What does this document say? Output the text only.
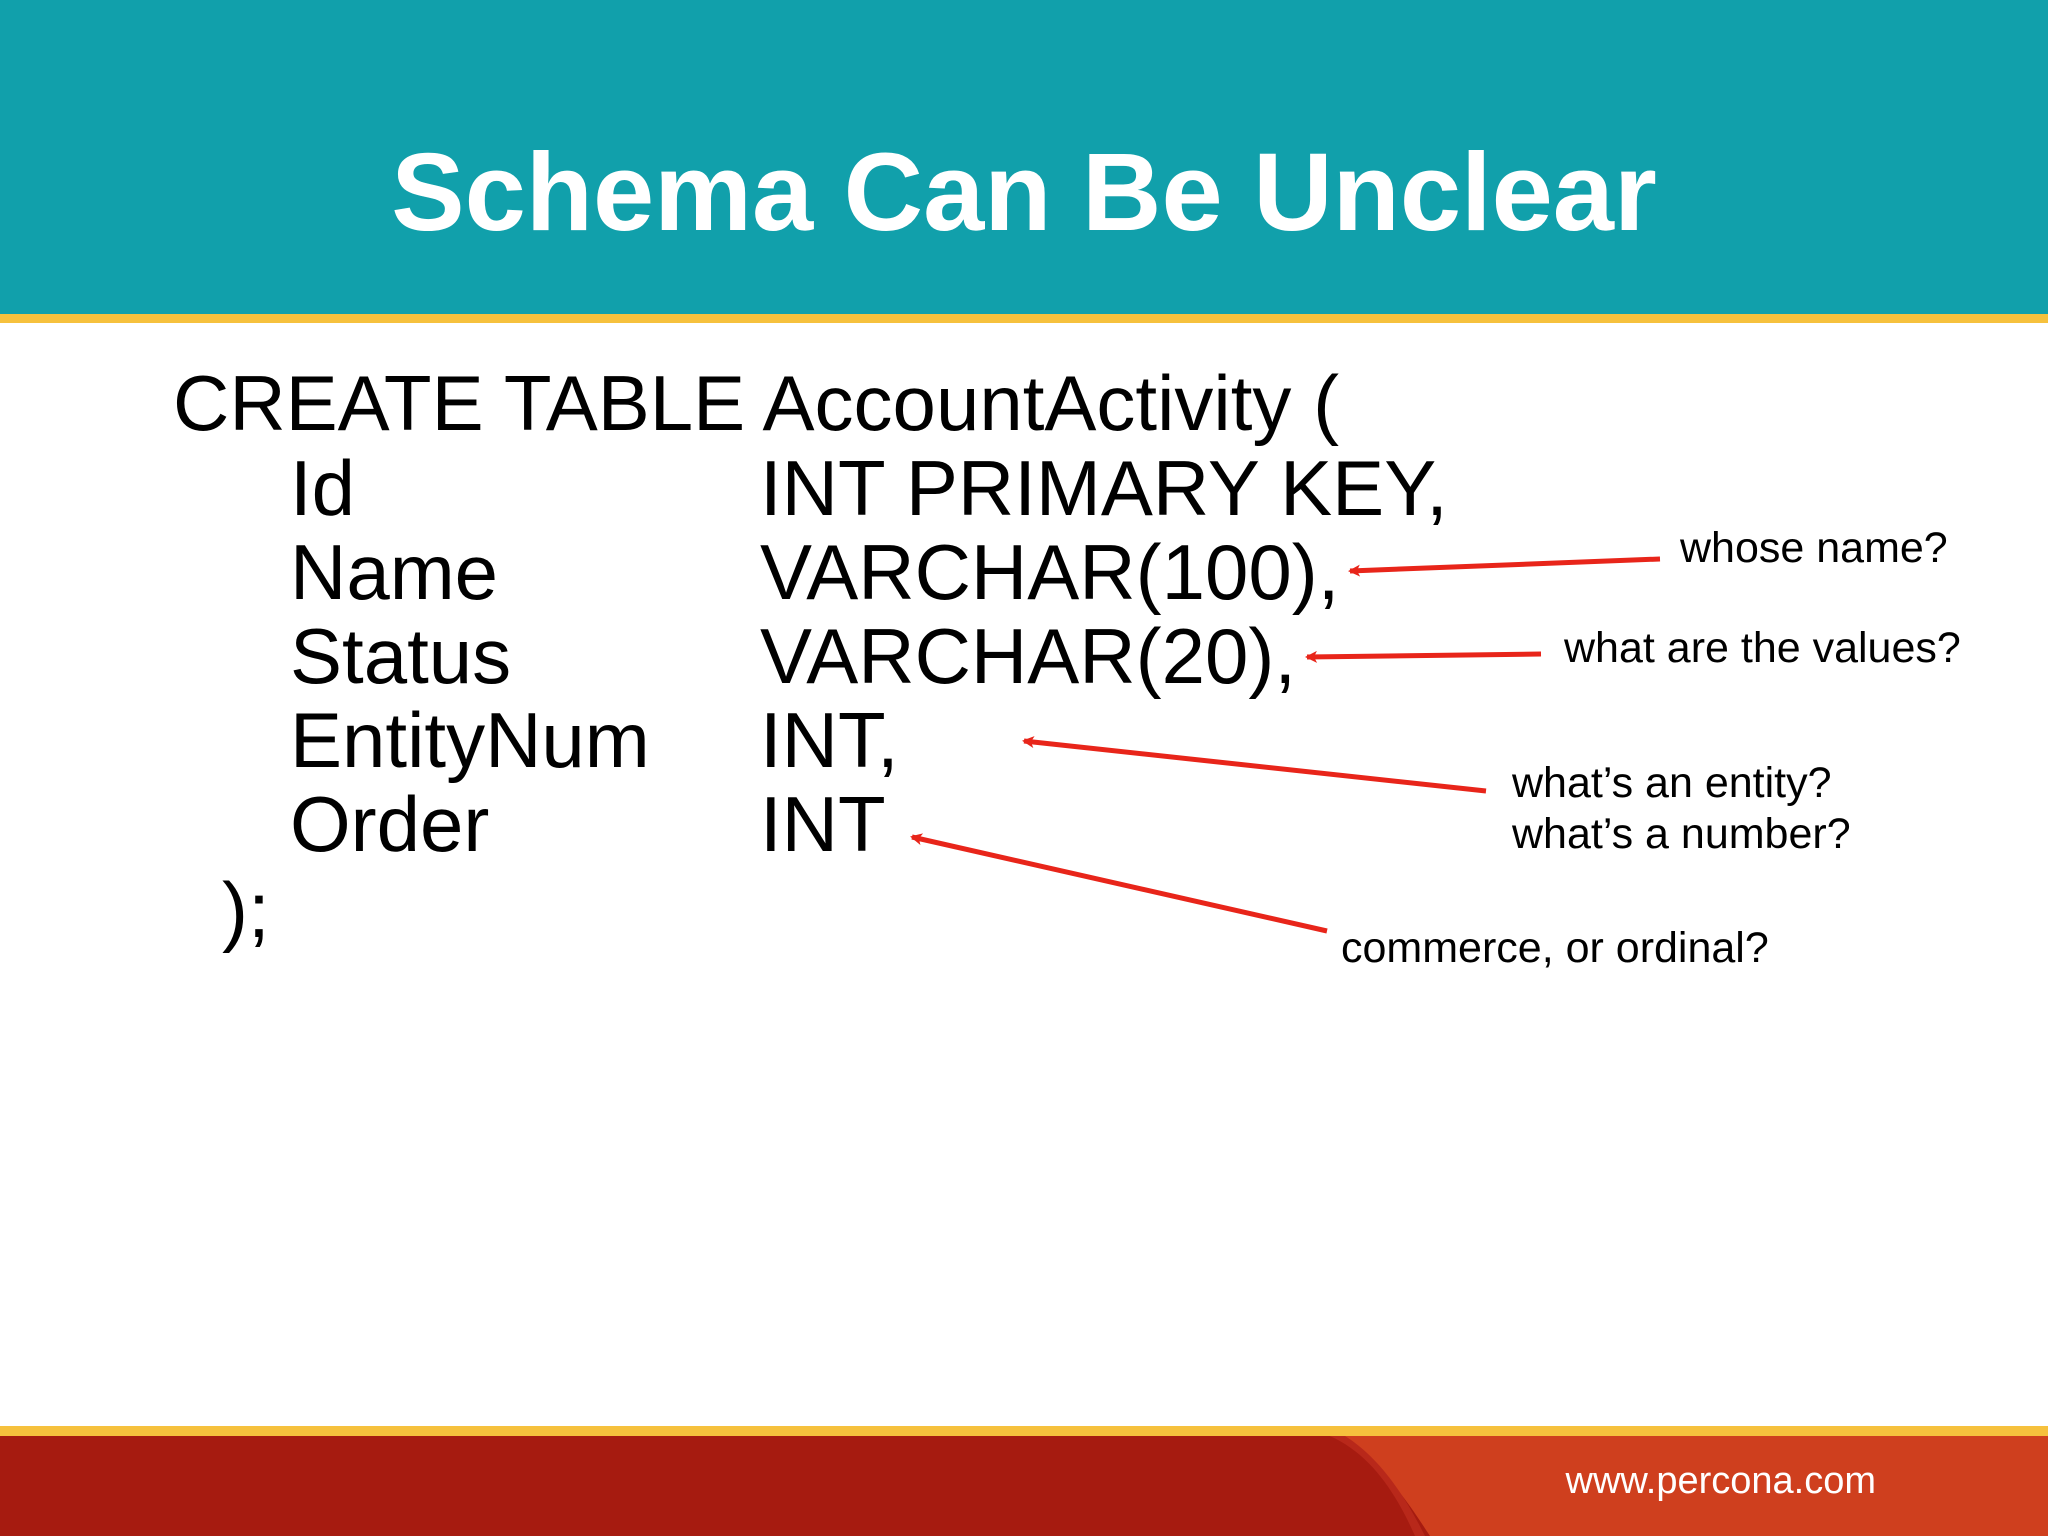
Schema Can Be Unclear
CREATE TABLE AccountActivity (
Id	INT PRIMARY KEY,
Name	VARCHAR(100),
Status	VARCHAR(20),
EntityNum INT,
Order	INT
);
whose name?
what are the values?
what’s an entity?
what’s a number?
commerce, or ordinal?
www.percona.com
